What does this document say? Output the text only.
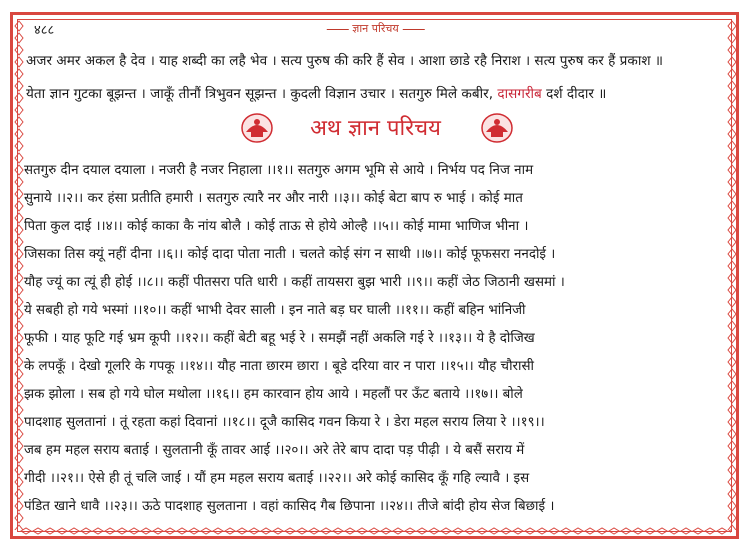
४८८	ज्ञान परिचय
अजर अमर अकल है देव । याह शब्दी का लहै भेव । सत्य पुरुष की करि हैं सेव । आशा छाडे रहै निराश । सत्य पुरुष कर हैं प्रकाश ॥
येता ज्ञान गुटका बूझन्त । जाकूँ तीनौं त्रिभुवन सूझन्त । कुदली विज्ञान उचार । सतगुरु मिले कबीर, दासगरीब दर्श दीदार ॥
अथ ज्ञान परिचय
सतगुरु दीन दयाल दयाला । नजरी है नजर निहाला ।।१।। सतगुरु अगम भूमि से आये । निर्भय पद निज नाम
सुनाये ।।२।। कर हंसा प्रतीति हमारी । सतगुरु त्यारै नर और नारी ।।३।। कोई बेटा बाप रु भाई । कोई मात
पिता कुल दाई ।।४।। कोई काका कै नांय बोलै । कोई ताऊ से होये ओल्है ।।५।। कोई मामा भाणिज भीना ।
जिसका तिस क्यूं नहीं दीना ।।६।। कोई दादा पोता नाती । चलते कोई संग न साथी ।।७।। कोई फूफसरा ननदोई ।
यौह ज्यूं का त्यूं ही होई ।।८।। कहीं पीतसरा पति धारी । कहीं तायसरा बुझ भारी ।।९।। कहीं जेठ जिठानी खसमां ।
ये सबही हो गये भस्मां ।।१०।। कहीं भाभी देवर साली । इन नाते बड़ घर घाली ।।११।। कहीं बहिन भांनिजी
फूफी । याह फूटि गई भ्रम कूपी ।।१२।। कहीं बेटी बहू भई रे । समझैं नहीं अकलि गई रे ।।१३।। ये है दोजिख
के लपकूँ । देखो गूलरि के गपकू ।।१४।। यौह नाता छारम छारा । बूडे दरिया वार न पारा ।।१५।। यौह चौरासी
झक झोला । सब हो गये घोल मथोला ।।१६।। हम कारवान होय आये । महलौं पर ऊँट बताये ।।१७।। बोले
पादशाह सुलतानां । तूं रहता कहां दिवानां ।।१८।। दूजै कासिद गवन किया रे । डेरा महल सराय लिया रे ।।१९।।
जब हम महल सराय बताई । सुलतानी कूँ तावर आई ।।२०।। अरे तेरे बाप दादा पड़ पीढ़ी । ये बसैं सराय में
गीदी ।।२१।। ऐसे ही तूं चलि जाई । यौं हम महल सराय बताई ।।२२।। अरे कोई कासिद कूँ गहि ल्यावै । इस
पंडित खाने धावै ।।२३।। ऊठे पादशाह सुलताना । वहां कासिद गैब छिपाना ।।२४।। तीजे बांदी होय सेज बिछाई ।
